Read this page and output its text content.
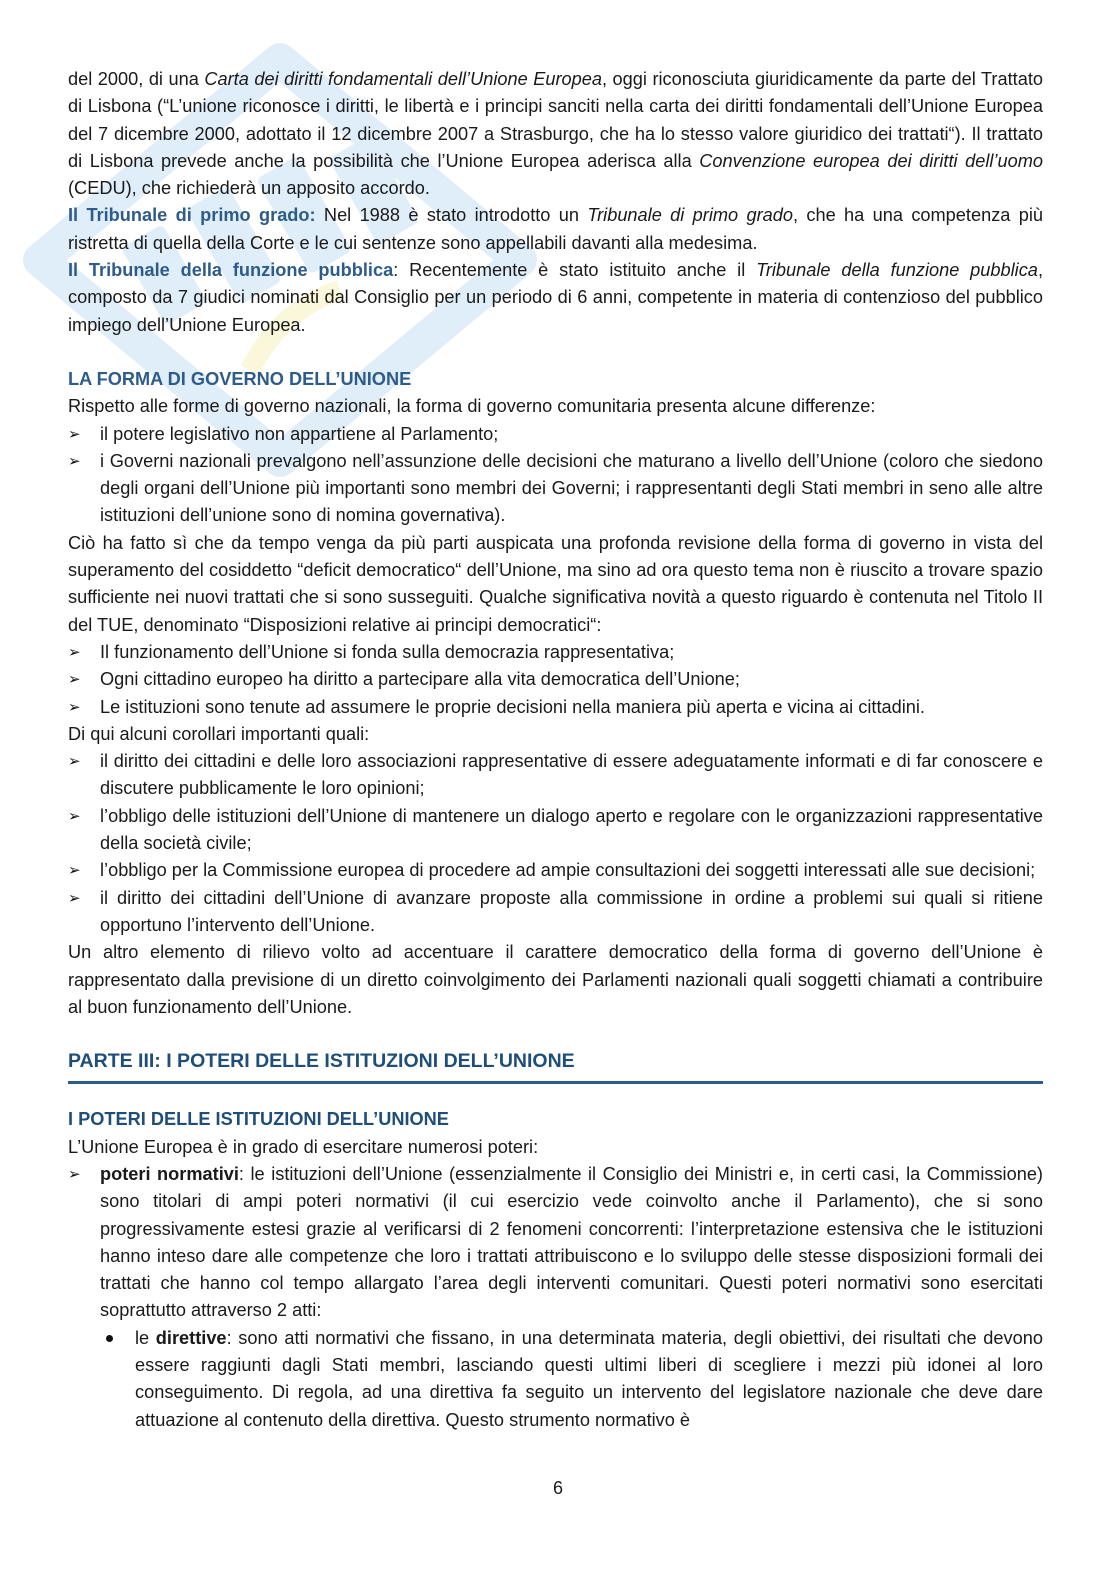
del 2000, di una Carta dei diritti fondamentali dell’Unione Europea, oggi riconosciuta giuridicamente da parte del Trattato di Lisbona (“L’unione riconosce i diritti, le libertà e i principi sanciti nella carta dei diritti fondamentali dell’Unione Europea del 7 dicembre 2000, adottato il 12 dicembre 2007 a Strasburgo, che ha lo stesso valore giuridico dei trattati“). Il trattato di Lisbona prevede anche la possibilità che l’Unione Europea aderisca alla Convenzione europea dei diritti dell’uomo (CEDU), che richiederà un apposito accordo.

Il Tribunale di primo grado: Nel 1988 è stato introdotto un Tribunale di primo grado, che ha una competenza più ristretta di quella della Corte e le cui sentenze sono appellabili davanti alla medesima.

Il Tribunale della funzione pubblica: Recentemente è stato istituito anche il Tribunale della funzione pubblica, composto da 7 giudici nominati dal Consiglio per un periodo di 6 anni, competente in materia di contenzioso del pubblico impiego dell’Unione Europea.

LA FORMA DI GOVERNO DELL’UNIONE

Rispetto alle forme di governo nazionali, la forma di governo comunitaria presenta alcune differenze:

➢	il potere legislativo non appartiene al Parlamento;
➢	i Governi nazionali prevalgono nell’assunzione delle decisioni che maturano a livello dell’Unione (coloro che siedono degli organi dell’Unione più importanti sono membri dei Governi; i rappresentanti degli Stati membri in seno alle altre istituzioni dell’unione sono di nomina governativa).

Ciò ha fatto sì che da tempo venga da più parti auspicata una profonda revisione della forma di governo in vista del superamento del cosiddetto “deficit democratico“ dell’Unione, ma sino ad ora questo tema non è riuscito a trovare spazio sufficiente nei nuovi trattati che si sono susseguiti. Qualche significativa novità a questo riguardo è contenuta nel Titolo II del TUE, denominato “Disposizioni relative ai principi democratici“:

➢	Il funzionamento dell’Unione si fonda sulla democrazia rappresentativa;
➢	Ogni cittadino europeo ha diritto a partecipare alla vita democratica dell’Unione;
➢	Le istituzioni sono tenute ad assumere le proprie decisioni nella maniera più aperta e vicina ai cittadini.

Di qui alcuni corollari importanti quali:

➢	il diritto dei cittadini e delle loro associazioni rappresentative di essere adeguatamente informati e di far conoscere e discutere pubblicamente le loro opinioni;
➢	l’obbligo delle istituzioni dell’Unione di mantenere un dialogo aperto e regolare con le organizzazioni rappresentative della società civile;
➢	l’obbligo per la Commissione europea di procedere ad ampie consultazioni dei soggetti interessati alle sue decisioni;
➢	il diritto dei cittadini dell’Unione di avanzare proposte alla commissione in ordine a problemi sui quali si ritiene opportuno l’intervento dell’Unione.

Un altro elemento di rilievo volto ad accentuare il carattere democratico della forma di governo dell’Unione è rappresentato dalla previsione di un diretto coinvolgimento dei Parlamenti nazionali quali soggetti chiamati a contribuire al buon funzionamento dell’Unione.

PARTE III: I POTERI DELLE ISTITUZIONI DELL’UNIONE
I POTERI DELLE ISTITUZIONI DELL’UNIONE

L’Unione Europea è in grado di esercitare numerosi poteri:

➢	poteri normativi: le istituzioni dell’Unione (essenzialmente il Consiglio dei Ministri e, in certi casi, la Commissione) sono titolari di ampi poteri normativi (il cui esercizio vede coinvolto anche il Parlamento), che si sono progressivamente estesi grazie al verificarsi di 2 fenomeni concorrenti: l’interpretazione estensiva che le istituzioni hanno inteso dare alle competenze che loro i trattati attribuiscono e lo sviluppo delle stesse disposizioni formali dei trattati che hanno col tempo allargato l’area degli interventi comunitari. Questi poteri normativi sono esercitati soprattutto attraverso 2 atti:
le direttive: sono atti normativi che fissano, in una determinata materia, degli obiettivi, dei risultati che devono essere raggiunti dagli Stati membri, lasciando questi ultimi liberi di scegliere i mezzi più idonei al loro conseguimento. Di regola, ad una direttiva fa seguito un intervento del legislatore nazionale che deve dare attuazione al contenuto della direttiva. Questo strumento normativo è
6
